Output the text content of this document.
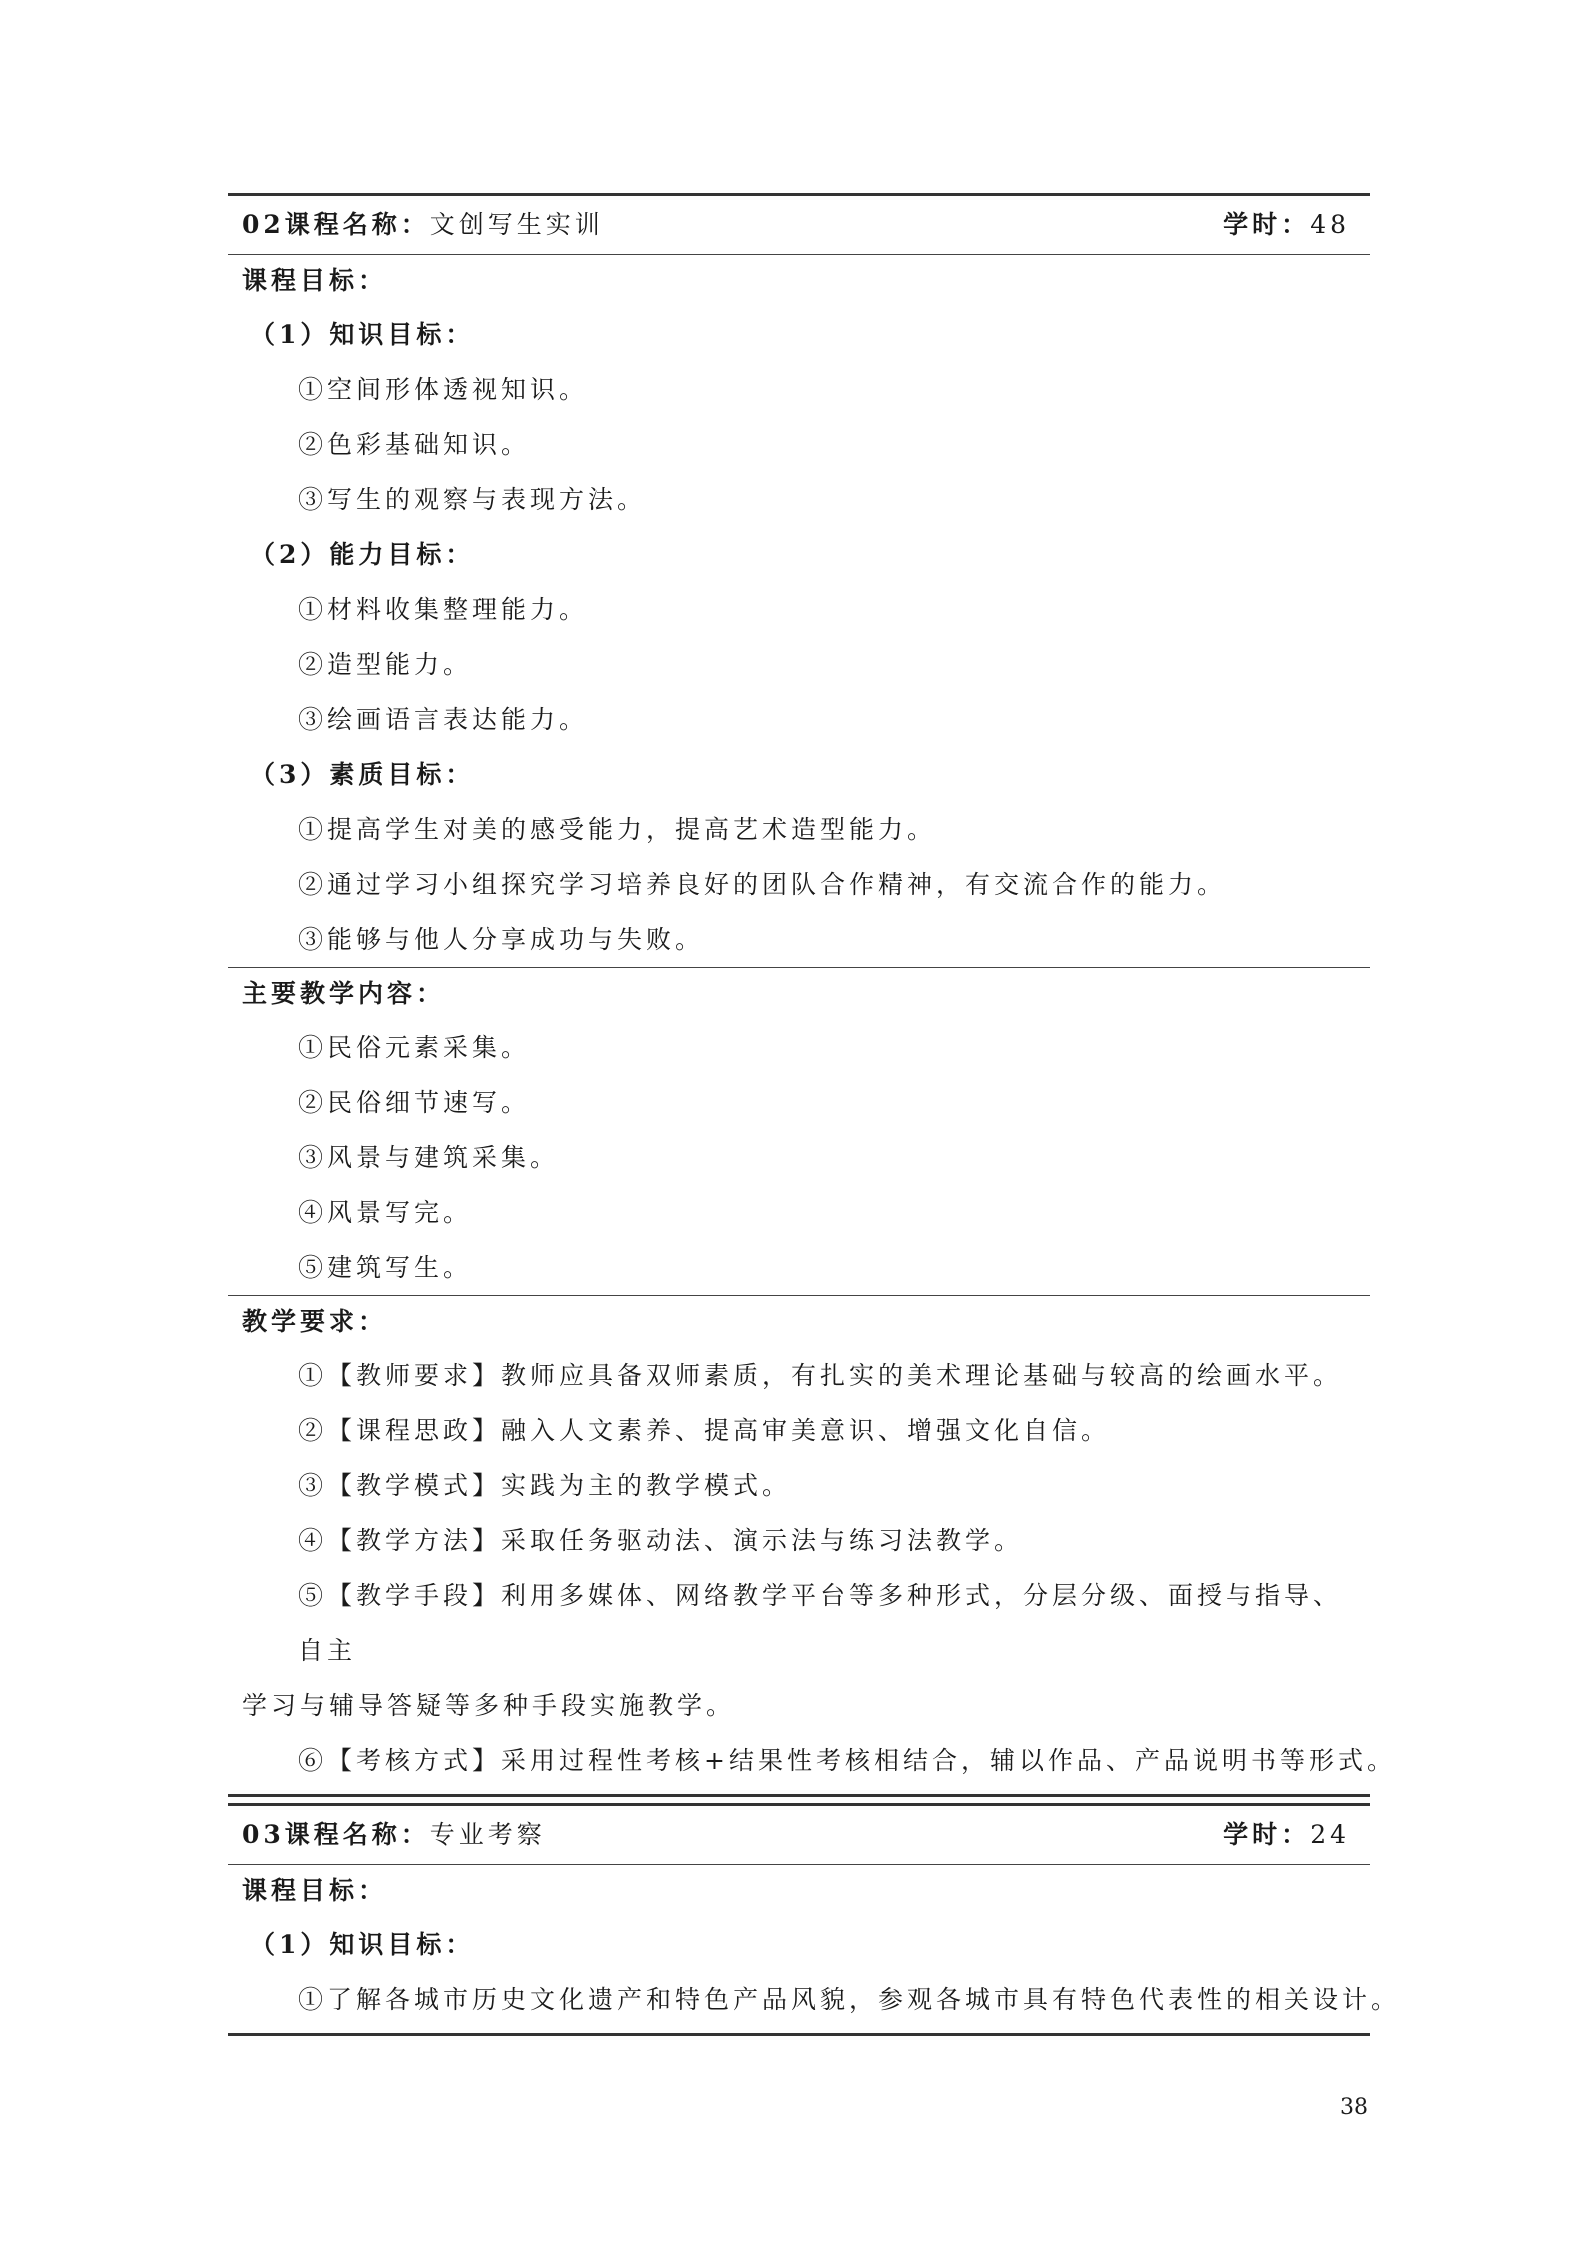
02课程名称：文创写生实训	学时：48
课程目标：
（1）知识目标：
①空间形体透视知识。
②色彩基础知识。
③写生的观察与表现方法。
（2）能力目标：
①材料收集整理能力。
②造型能力。
③绘画语言表达能力。
（3）素质目标：
①提高学生对美的感受能力，提高艺术造型能力。
②通过学习小组探究学习培养良好的团队合作精神，有交流合作的能力。
③能够与他人分享成功与失败。
主要教学内容：
①民俗元素采集。
②民俗细节速写。
③风景与建筑采集。
④风景写完。
⑤建筑写生。
教学要求：
①【教师要求】教师应具备双师素质，有扎实的美术理论基础与较高的绘画水平。
②【课程思政】融入人文素养、提高审美意识、增强文化自信。
③【教学模式】实践为主的教学模式。
④【教学方法】采取任务驱动法、演示法与练习法教学。
⑤【教学手段】利用多媒体、网络教学平台等多种形式，分层分级、面授与指导、自主
学习与辅导答疑等多种手段实施教学。
⑥【考核方式】采用过程性考核+结果性考核相结合，辅以作品、产品说明书等形式。
03课程名称：专业考察	学时：24
课程目标：
（1）知识目标：
①了解各城市历史文化遗产和特色产品风貌，参观各城市具有特色代表性的相关设计。
38
